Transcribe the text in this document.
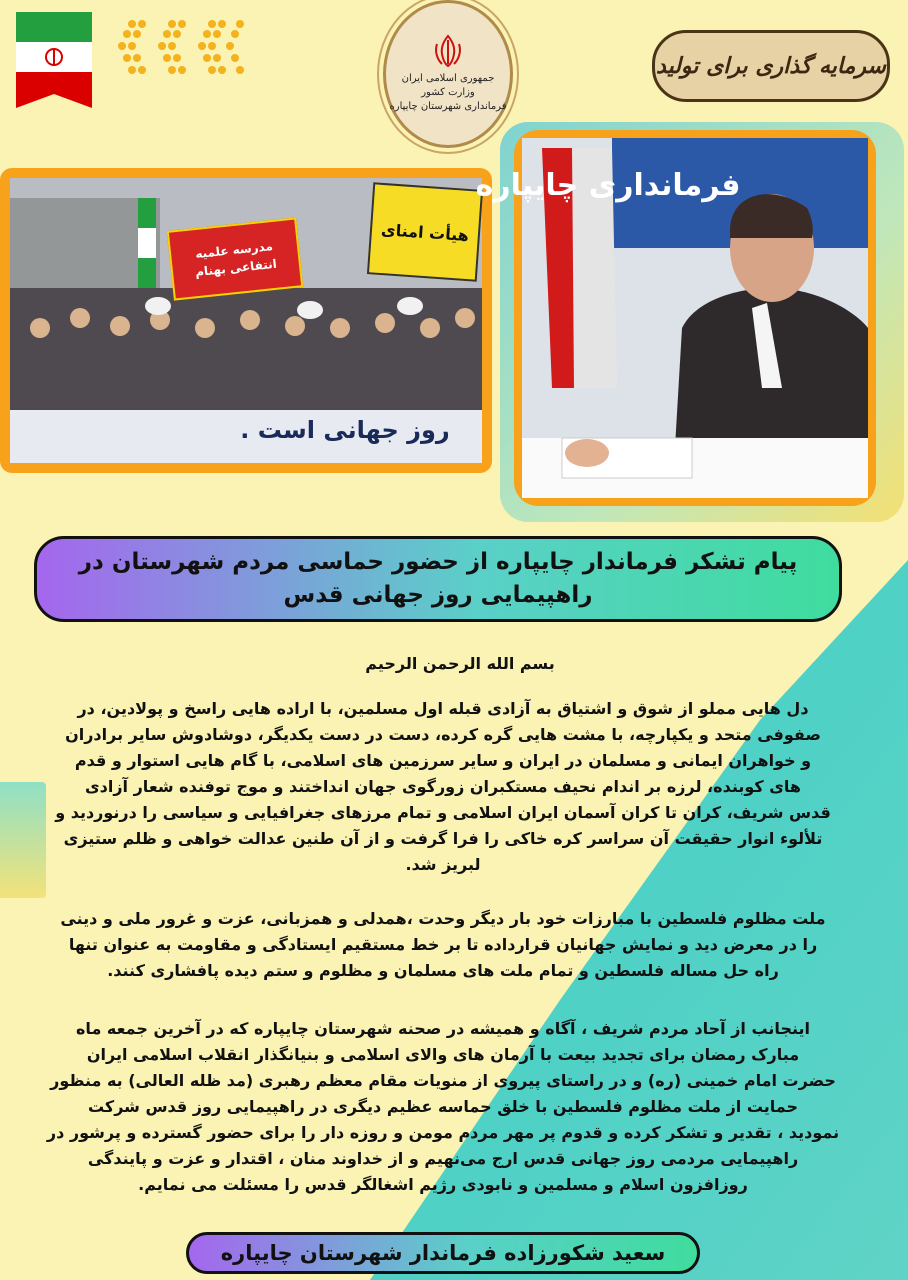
جمهوری اسلامی ایران
وزارت کشور
فرمانداری شهرستان چایپاره
سرمایه گذاری برای تولید
هیأت امنای
مدرسه علمیه انتفاعی بهنام
روز جهانی است .
فرمانداری چایپاره
پیام تشکر فرماندار چایپاره از حضور حماسی مردم شهرستان در
راهپیمایی روز جهانی قدس
بسم الله الرحمن الرحیم
دل هایی مملو از شوق و اشتیاق به آزادی قبله اول مسلمین، با اراده هایی راسخ و پولادین، در
صفوفی متحد و یکپارچه، با مشت هایی گره کرده، دست در دست یکدیگر، دوشادوش سایر برادران
و خواهران ایمانی و مسلمان در ایران و سایر سرزمین های اسلامی، با گام هایی استوار و قدم
های کوبنده، لرزه بر اندام نحیف مستکبران زورگوی جهان انداختند و موج توفنده شعار آزادی
قدس شریف، کران تا کران آسمان ایران اسلامی و تمام مرزهای جغرافیایی و سیاسی را درنوردید و
تلألوء انوار حقیقت آن سراسر کره خاکی را فرا گرفت و از آن طنین عدالت خواهی و ظلم ستیزی
لبریز شد.
ملت مظلوم فلسطین با مبارزات خود بار دیگر وحدت ،همدلی و همزبانی، عزت و غرور ملی و دینی
را در معرض دید و نمایش جهانیان قرارداده تا بر خط مستقیم ایستادگی و مقاومت به عنوان تنها
راه حل مساله فلسطین و تمام ملت های مسلمان و مظلوم و ستم دیده پافشاری کنند.
اینجانب از آحاد مردم شریف ، آگاه و همیشه در صحنه شهرستان چایپاره که در آخرین جمعه ماه
مبارک رمضان برای تجدید بیعت با آرمان های والای اسلامی و بنیانگذار انقلاب اسلامی ایران
حضرت امام خمینی (ره) و در راستای پیروی از منویات مقام معظم رهبری (مد ظله العالی) به منظور
حمایت از ملت مظلوم فلسطین با خلق حماسه عظیم دیگری در راهپیمایی روز قدس شرکت
نمودید ، تقدیر و تشکر کرده و قدوم پر مهر مردم مومن و روزه دار را برای حضور گسترده و پرشور در
راهپیمایی مردمی روز جهانی قدس ارج می‌نهیم و از خداوند منان ، اقتدار و عزت و پایندگی
روزافزون اسلام و مسلمین و نابودی رژیم اشغالگر قدس را مسئلت می نمایم.
سعید شکورزاده فرماندار شهرستان چایپاره
